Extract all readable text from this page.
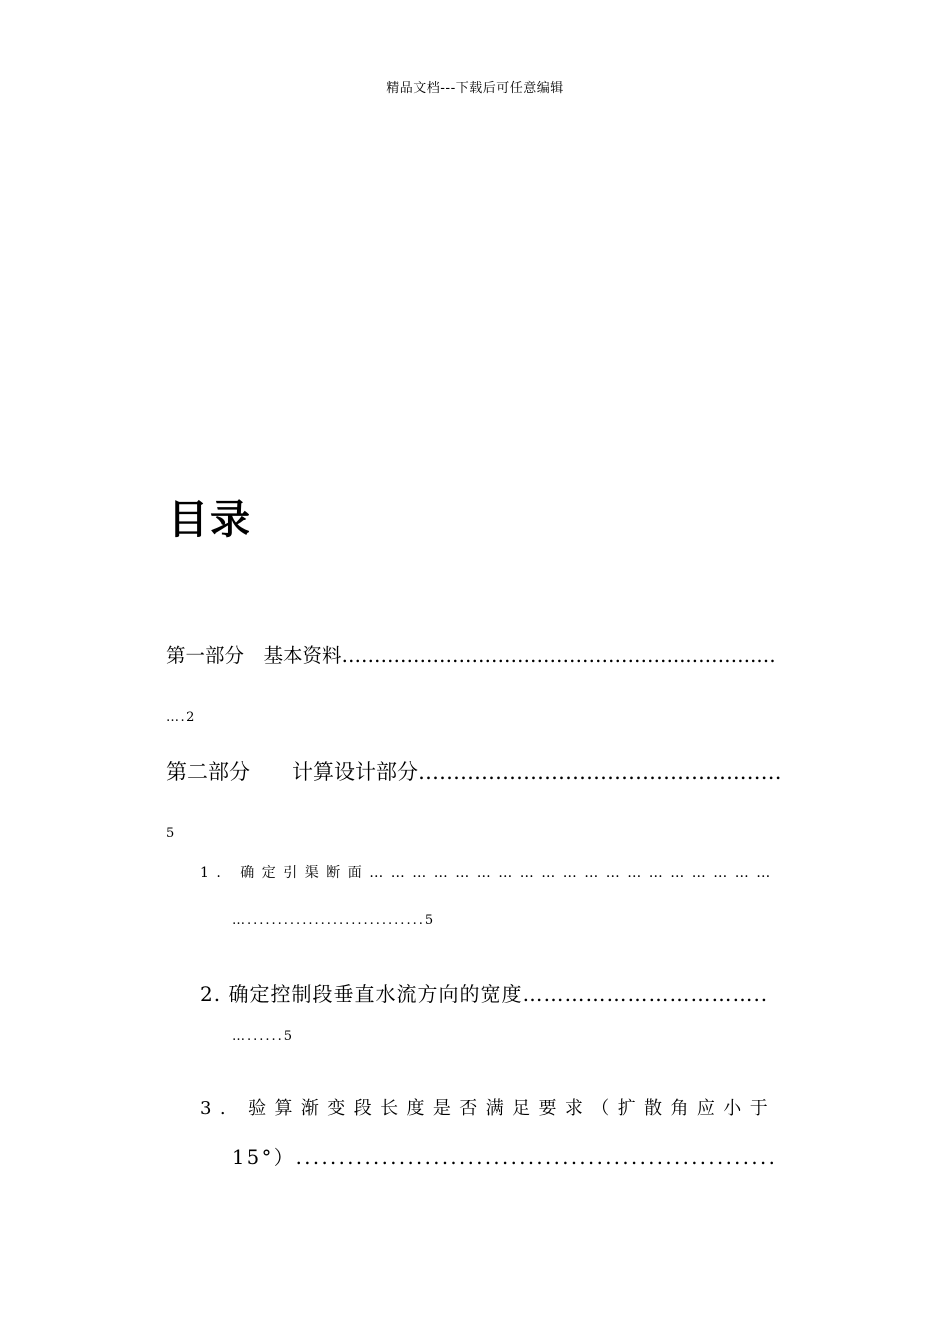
精品文档---下载后可任意编辑
目录
第一部分　基本资料……………………………………………...……….…
….2
第二部分　　计算设计部分……………………………………….……
5
1. 确定引渠断面…………………………………………………
….............................5
2. 确定控制段垂直水流方向的宽度……………………………..
…......5
3. 验算渐变段长度是否满足要求（扩散角应小于
15°）........................................................
